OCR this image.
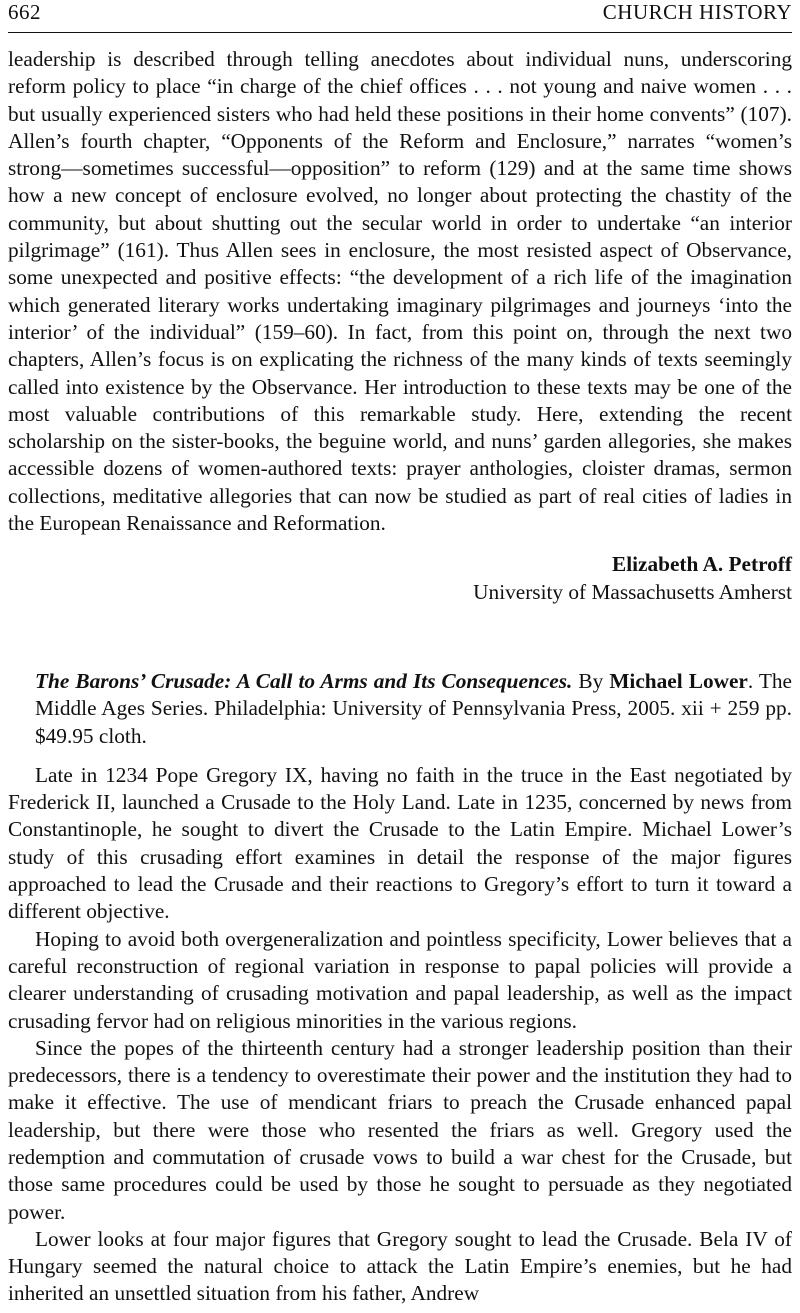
662	CHURCH HISTORY

leadership is described through telling anecdotes about individual nuns, underscoring reform policy to place “in charge of the chief offices . . . not young and naive women . . . but usually experienced sisters who had held these positions in their home convents” (107). Allen’s fourth chapter, “Opponents of the Reform and Enclosure,” narrates “women’s strong—sometimes successful—opposition” to reform (129) and at the same time shows how a new concept of enclosure evolved, no longer about protecting the chastity of the community, but about shutting out the secular world in order to undertake “an interior pilgrimage” (161). Thus Allen sees in enclosure, the most resisted aspect of Observance, some unexpected and positive effects: “the development of a rich life of the imagination which generated literary works undertaking imaginary pilgrimages and journeys ‘into the interior’ of the individual” (159–60). In fact, from this point on, through the next two chapters, Allen’s focus is on explicating the richness of the many kinds of texts seemingly called into existence by the Observance. Her introduction to these texts may be one of the most valuable contributions of this remarkable study. Here, extending the recent scholarship on the sister-books, the beguine world, and nuns’ garden allegories, she makes accessible dozens of women-authored texts: prayer anthologies, cloister dramas, sermon collections, meditative allegories that can now be studied as part of real cities of ladies in the European Renaissance and Reformation.

Elizabeth A. Petroff
University of Massachusetts Amherst

The Barons’ Crusade: A Call to Arms and Its Consequences. By Michael Lower. The Middle Ages Series. Philadelphia: University of Pennsylvania Press, 2005. xii + 259 pp. $49.95 cloth.

Late in 1234 Pope Gregory IX, having no faith in the truce in the East negotiated by Frederick II, launched a Crusade to the Holy Land. Late in 1235, concerned by news from Constantinople, he sought to divert the Crusade to the Latin Empire. Michael Lower’s study of this crusading effort examines in detail the response of the major figures approached to lead the Crusade and their reactions to Gregory’s effort to turn it toward a different objective.

Hoping to avoid both overgeneralization and pointless specificity, Lower believes that a careful reconstruction of regional variation in response to papal policies will provide a clearer understanding of crusading motivation and papal leadership, as well as the impact crusading fervor had on religious minorities in the various regions.

Since the popes of the thirteenth century had a stronger leadership position than their predecessors, there is a tendency to overestimate their power and the institution they had to make it effective. The use of mendicant friars to preach the Crusade enhanced papal leadership, but there were those who resented the friars as well. Gregory used the redemption and commutation of crusade vows to build a war chest for the Crusade, but those same procedures could be used by those he sought to persuade as they negotiated power.

Lower looks at four major figures that Gregory sought to lead the Crusade. Bela IV of Hungary seemed the natural choice to attack the Latin Empire’s enemies, but he had inherited an unsettled situation from his father, Andrew
